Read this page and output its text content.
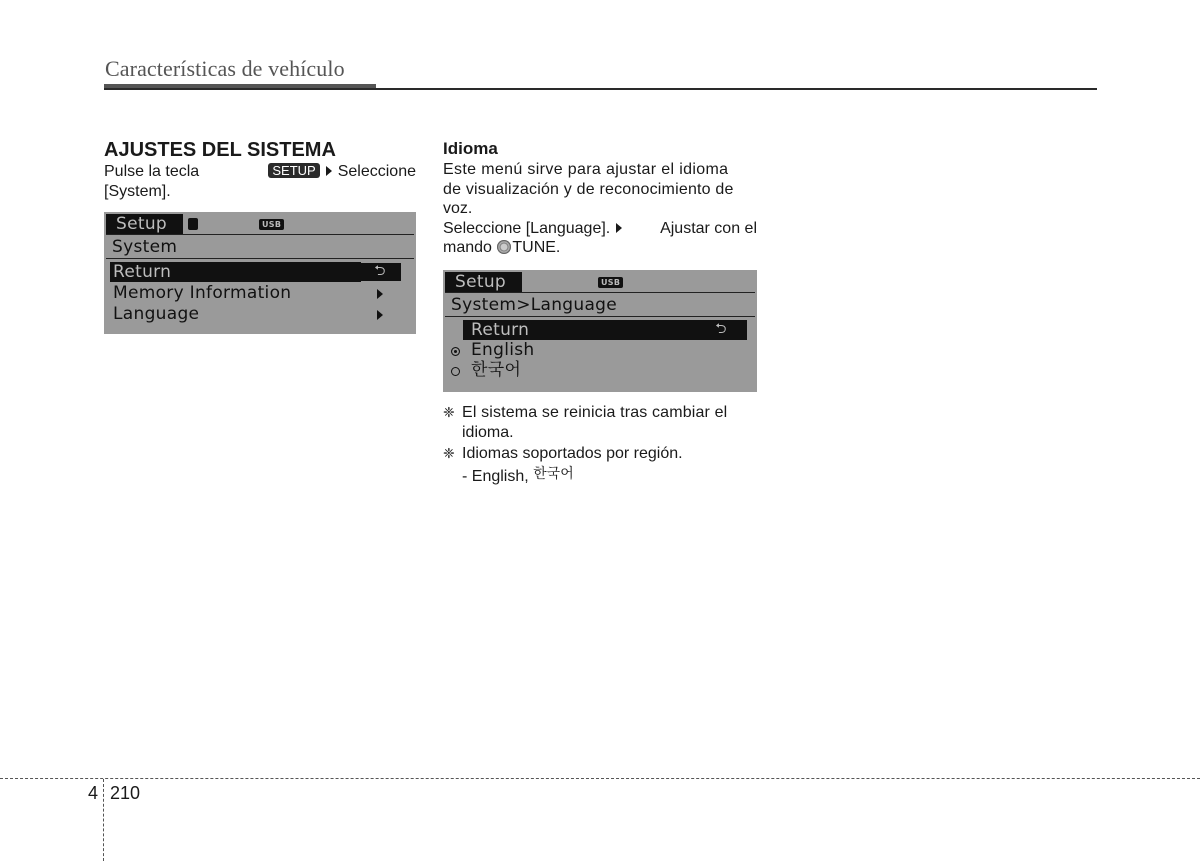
Características de vehículo
AJUSTES DEL SISTEMA

Pulse la tecla	SETUP Seleccione

[System].

Setup	USB
System
Return	⮌
Memory Information
Language
Idioma

Este menú sirve para ajustar el idioma

de visualización y de reconocimiento de

voz.

Seleccione [Language].	Ajustar con el

mando TUNE.

Setup	USB
System>Language
Return	⮌
English
한국어
❈ El sistema se reinicia tras cambiar el

idioma.

❈ Idiomas soportados por región.

- English, 한국어

4 210
